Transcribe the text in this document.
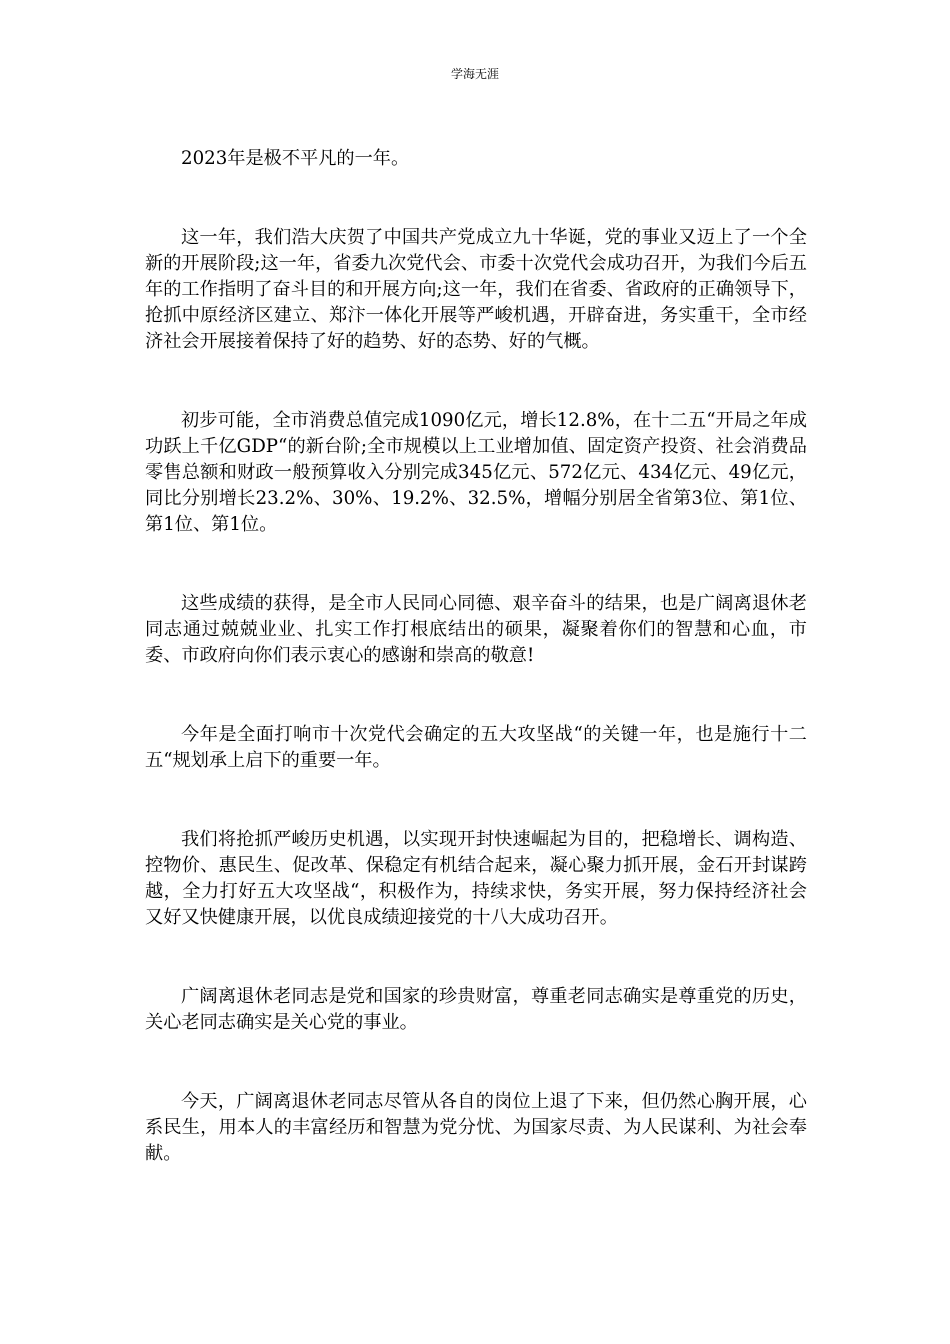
学海无涯

2023年是极不平凡的一年。

这一年，我们浩大庆贺了中国共产党成立九十华诞，党的事业又迈上了一个全新的开展阶段;这一年，省委九次党代会、市委十次党代会成功召开，为我们今后五年的工作指明了奋斗目的和开展方向;这一年，我们在省委、省政府的正确领导下，抢抓中原经济区建立、郑汴一体化开展等严峻机遇，开辟奋进，务实重干，全市经济社会开展接着保持了好的趋势、好的态势、好的气概。

初步可能，全市消费总值完成1090亿元，增长12.8%，在十二五“开局之年成功跃上千亿GDP“的新台阶;全市规模以上工业增加值、固定资产投资、社会消费品零售总额和财政一般预算收入分别完成345亿元、572亿元、434亿元、49亿元，同比分别增长23.2%、30%、19.2%、32.5%，增幅分别居全省第3位、第1位、第1位、第1位。

这些成绩的获得，是全市人民同心同德、艰辛奋斗的结果，也是广阔离退休老同志通过兢兢业业、扎实工作打根底结出的硕果，凝聚着你们的智慧和心血，市委、市政府向你们表示衷心的感谢和崇高的敬意!

今年是全面打响市十次党代会确定的五大攻坚战“的关键一年，也是施行十二五“规划承上启下的重要一年。

我们将抢抓严峻历史机遇，以实现开封快速崛起为目的，把稳增长、调构造、控物价、惠民生、促改革、保稳定有机结合起来，凝心聚力抓开展，金石开封谋跨越，全力打好五大攻坚战“，积极作为，持续求快，务实开展，努力保持经济社会又好又快健康开展，以优良成绩迎接党的十八大成功召开。

广阔离退休老同志是党和国家的珍贵财富，尊重老同志确实是尊重党的历史，关心老同志确实是关心党的事业。

今天，广阔离退休老同志尽管从各自的岗位上退了下来，但仍然心胸开展，心系民生，用本人的丰富经历和智慧为党分忧、为国家尽责、为人民谋利、为社会奉献。
